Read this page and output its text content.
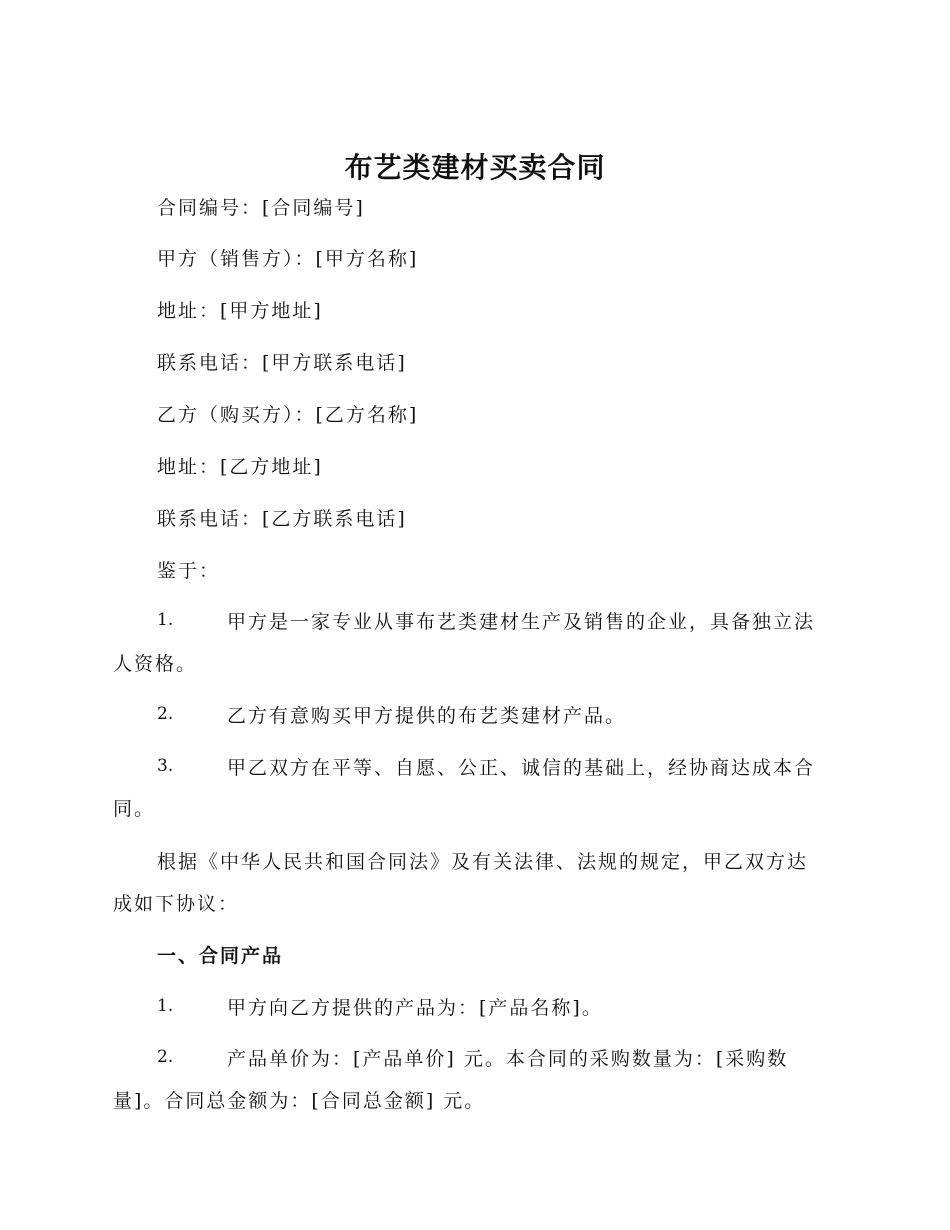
布艺类建材买卖合同
合同编号：[合同编号]
甲方（销售方）：[甲方名称]
地址：[甲方地址]
联系电话：[甲方联系电话]
乙方（购买方）：[乙方名称]
地址：[乙方地址]
联系电话：[乙方联系电话]
鉴于：
1.	甲方是一家专业从事布艺类建材生产及销售的企业，具备独立法
人资格。
2.	乙方有意购买甲方提供的布艺类建材产品。
3.	甲乙双方在平等、自愿、公正、诚信的基础上，经协商达成本合
同。
根据《中华人民共和国合同法》及有关法律、法规的规定，甲乙双方达
成如下协议：
一、合同产品
1.	甲方向乙方提供的产品为：[产品名称]。
2.	产品单价为：[产品单价] 元。本合同的采购数量为：[采购数
量]。合同总金额为：[合同总金额] 元。
